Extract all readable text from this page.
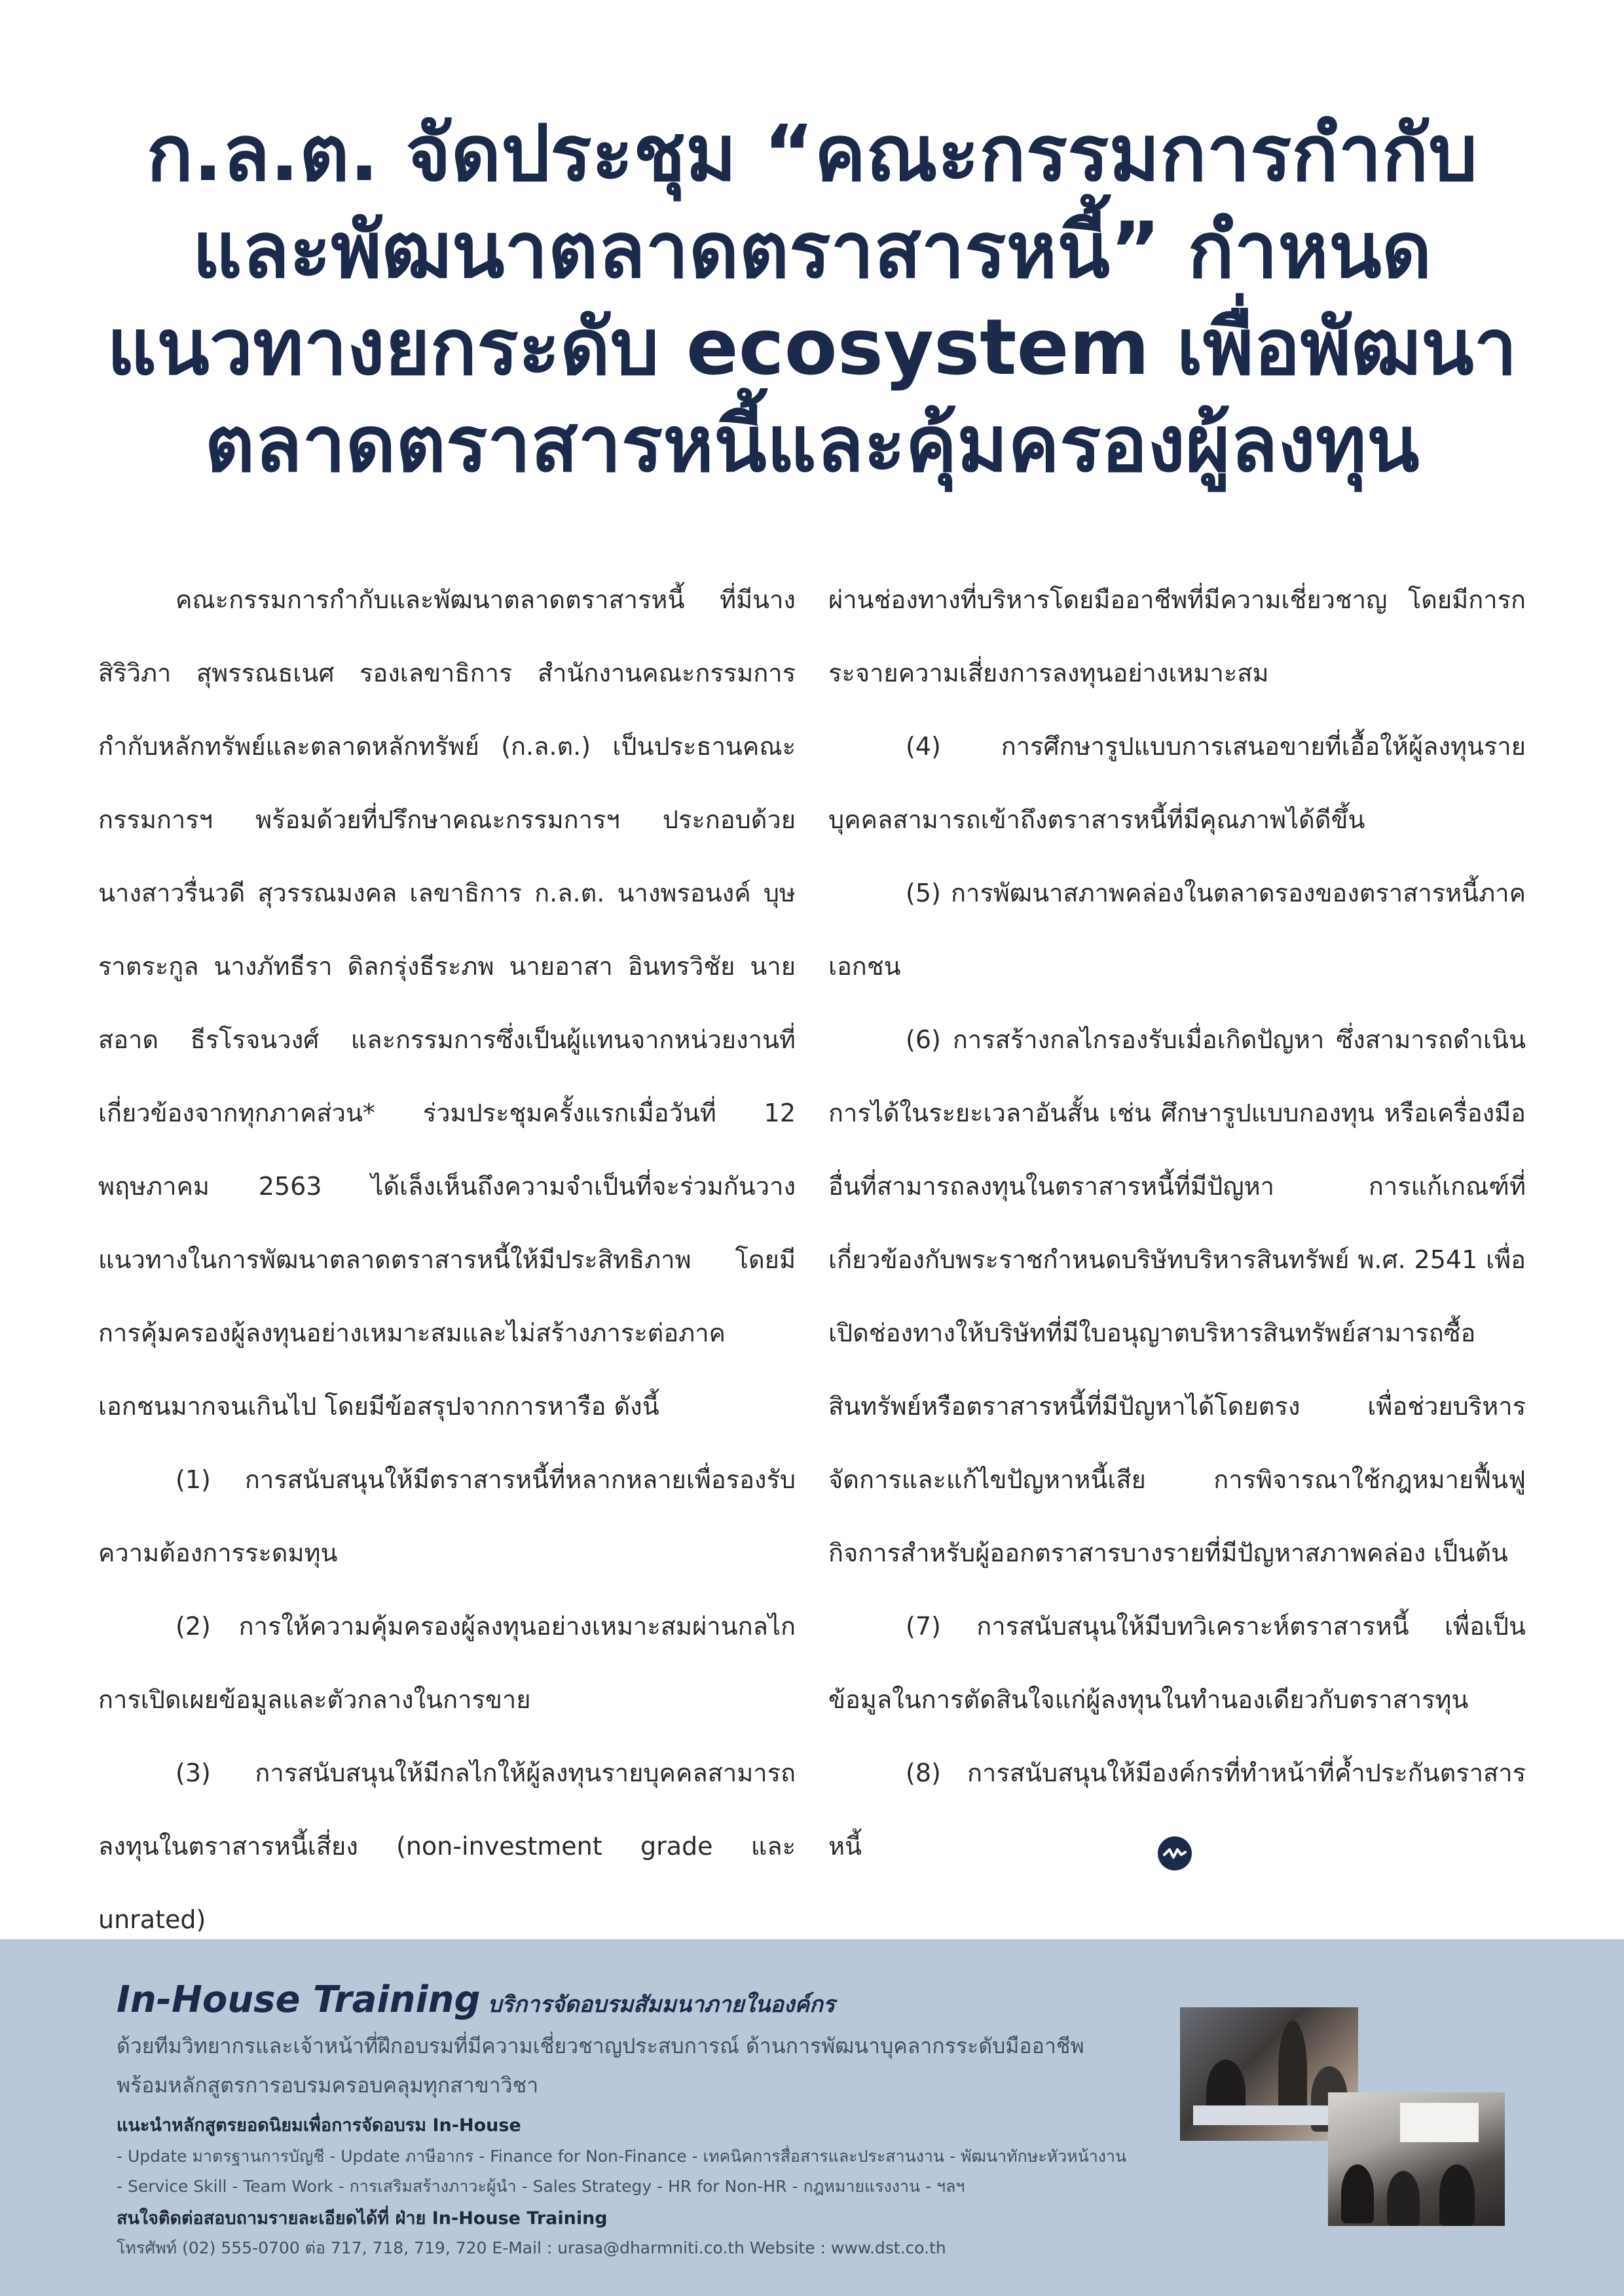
ก.ล.ต. จัดประชุม “คณะกรรมการกำกับ
และพัฒนาตลาดตราสารหนี้” กำหนด
แนวทางยกระดับ ecosystem เพื่อพัฒนา
ตลาดตราสารหนี้และคุ้มครองผู้ลงทุน

คณะกรรมการกำกับและพัฒนาตลาดตราสารหนี้ ที่มีนางสิริวิภา สุพรรณธเนศ รองเลขาธิการ สำนักงานคณะกรรมการกำกับหลักทรัพย์และตลาดหลักทรัพย์ (ก.ล.ต.) เป็นประธานคณะกรรมการฯ พร้อมด้วยที่ปรึกษาคณะกรรมการฯ ประกอบด้วย นางสาวรื่นวดี สุวรรณมงคล เลขาธิการ ก.ล.ต. นางพรอนงค์ บุษราตระกูล นางภัทธีรา ดิลกรุ่งธีระภพ นายอาสา อินทรวิชัย นายสอาด ธีรโรจนวงศ์ และกรรมการซึ่งเป็นผู้แทนจากหน่วยงานที่เกี่ยวข้องจากทุกภาคส่วน* ร่วมประชุมครั้งแรกเมื่อวันที่ 12 พฤษภาคม 2563 ได้เล็งเห็นถึงความจำเป็นที่จะร่วมกันวางแนวทางในการพัฒนาตลาดตราสารหนี้ให้มีประสิทธิภาพ โดยมีการคุ้มครองผู้ลงทุนอย่างเหมาะสมและไม่สร้างภาระต่อภาคเอกชนมากจนเกินไป โดยมีข้อสรุปจากการหารือ ดังนี้

(1) การสนับสนุนให้มีตราสารหนี้ที่หลากหลายเพื่อรองรับความต้องการระดมทุน

(2) การให้ความคุ้มครองผู้ลงทุนอย่างเหมาะสมผ่านกลไกการเปิดเผยข้อมูลและตัวกลางในการขาย

(3) การสนับสนุนให้มีกลไกให้ผู้ลงทุนรายบุคคลสามารถลงทุนในตราสารหนี้เสี่ยง (non-investment grade และ unrated)

ผ่านช่องทางที่บริหารโดยมืออาชีพที่มีความเชี่ยวชาญ โดยมีการกระจายความเสี่ยงการลงทุนอย่างเหมาะสม

(4) การศึกษารูปแบบการเสนอขายที่เอื้อให้ผู้ลงทุนรายบุคคลสามารถเข้าถึงตราสารหนี้ที่มีคุณภาพได้ดีขึ้น

(5) การพัฒนาสภาพคล่องในตลาดรองของตราสารหนี้ภาคเอกชน

(6) การสร้างกลไกรองรับเมื่อเกิดปัญหา ซึ่งสามารถดำเนินการได้ในระยะเวลาอันสั้น เช่น ศึกษารูปแบบกองทุน หรือเครื่องมืออื่นที่สามารถลงทุนในตราสารหนี้ที่มีปัญหา การแก้เกณฑ์ที่เกี่ยวข้องกับพระราชกำหนดบริษัทบริหารสินทรัพย์ พ.ศ. 2541 เพื่อเปิดช่องทางให้บริษัทที่มีใบอนุญาตบริหารสินทรัพย์สามารถซื้อสินทรัพย์หรือตราสารหนี้ที่มีปัญหาได้โดยตรง เพื่อช่วยบริหารจัดการและแก้ไขปัญหาหนี้เสีย การพิจารณาใช้กฎหมายฟื้นฟูกิจการสำหรับผู้ออกตราสารบางรายที่มีปัญหาสภาพคล่อง เป็นต้น

(7) การสนับสนุนให้มีบทวิเคราะห์ตราสารหนี้ เพื่อเป็นข้อมูลในการตัดสินใจแก่ผู้ลงทุนในทำนองเดียวกับตราสารทุน

(8) การสนับสนุนให้มีองค์กรที่ทำหน้าที่ค้ำประกันตราสารหนี้

In-House Training บริการจัดอบรมสัมมนาภายในองค์กร
ด้วยทีมวิทยากรและเจ้าหน้าที่ฝึกอบรมที่มีความเชี่ยวชาญประสบการณ์ ด้านการพัฒนาบุคลากรระดับมืออาชีพ
พร้อมหลักสูตรการอบรมครอบคลุมทุกสาขาวิชา
แนะนำหลักสูตรยอดนิยมเพื่อการจัดอบรม In-House
- Update มาตรฐานการบัญชี - Update ภาษีอากร - Finance for Non-Finance - เทคนิคการสื่อสารและประสานงาน - พัฒนาทักษะหัวหน้างาน
- Service Skill - Team Work - การเสริมสร้างภาวะผู้นำ - Sales Strategy - HR for Non-HR - กฎหมายแรงงาน - ฯลฯ
สนใจติดต่อสอบถามรายละเอียดได้ที่ ฝ่าย In-House Training
โทรศัพท์ (02) 555-0700 ต่อ 717, 718, 719, 720 E-Mail : urasa@dharmniti.co.th Website : www.dst.co.th
